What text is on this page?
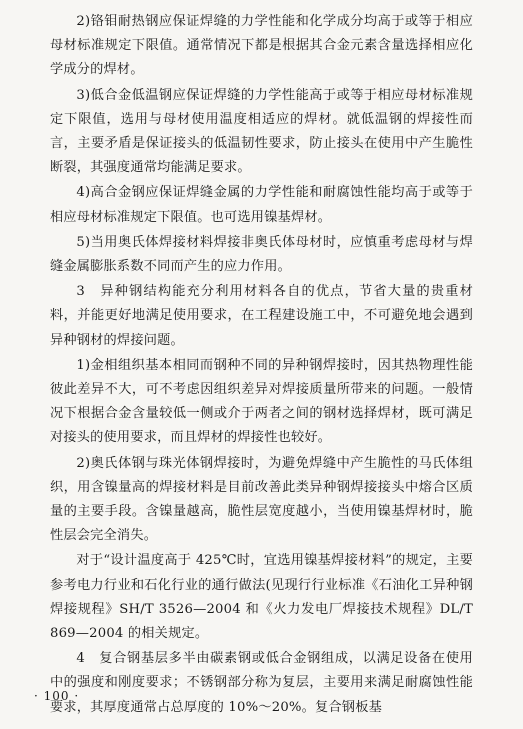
2)铬钼耐热钢应保证焊缝的力学性能和化学成分均高于或等于相应母材标准规定下限值。通常情况下都是根据其合金元素含量选择相应化学成分的焊材。

3)低合金低温钢应保证焊缝的力学性能高于或等于相应母材标准规定下限值，选用与母材使用温度相适应的焊材。就低温钢的焊接性而言，主要矛盾是保证接头的低温韧性要求，防止接头在使用中产生脆性断裂，其强度通常均能满足要求。

4)高合金钢应保证焊缝金属的力学性能和耐腐蚀性能均高于或等于相应母材标准规定下限值。也可选用镍基焊材。

5)当用奥氏体焊接材料焊接非奥氏体母材时，应慎重考虑母材与焊缝金属膨胀系数不同而产生的应力作用。

3　异种钢结构能充分利用材料各自的优点，节省大量的贵重材料，并能更好地满足使用要求，在工程建设施工中，不可避免地会遇到异种钢材的焊接问题。

1)金相组织基本相同而钢种不同的异种钢焊接时，因其热物理性能彼此差异不大，可不考虑因组织差异对焊接质量所带来的问题。一般情况下根据合金含量较低一侧或介于两者之间的钢材选择焊材，既可满足对接头的使用要求，而且焊材的焊接性也较好。

2)奥氏体钢与珠光体钢焊接时，为避免焊缝中产生脆性的马氏体组织，用含镍量高的焊接材料是目前改善此类异种钢焊接接头中熔合区质量的主要手段。含镍量越高，脆性层宽度越小，当使用镍基焊材时，脆性层会完全消失。

对于“设计温度高于 425℃时，宜选用镍基焊接材料”的规定，主要参考电力行业和石化行业的通行做法(见现行行业标准《石油化工异种钢焊接规程》SH/T 3526—2004 和《火力发电厂焊接技术规程》DL/T 869—2004 的相关规定。

4　复合钢基层多半由碳素钢或低合金钢组成，以满足设备在使用中的强度和刚度要求；不锈钢部分称为复层，主要用来满足耐腐蚀性能要求，其厚度通常占总厚度的 10%～20%。复合钢板基

· 100 ·
